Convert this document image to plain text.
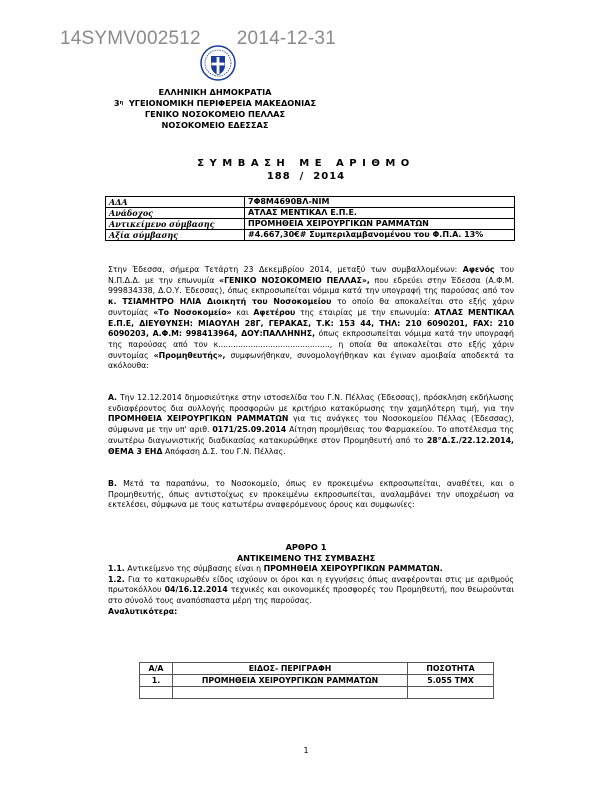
14SYMV002512 2014-12-31
ΕΛΛΗΝΙΚΗ ΔΗΜΟΚΡΑΤΙΑ
$3^\eta$ ΥΓΕΙΟΝΟΜΙΚΗ ΠΕΡΙΦΕΡΕΙΑ ΜΑΚΕΔΟΝΙΑΣ
ΓΕΝΙΚΟ ΝΟΣΟΚΟΜΕΙΟ ΠΕΛΛΑΣ
ΝΟΣΟΚΟΜΕΙΟ ΕΔΕΣΣΑΣ
ΣΥΜΒΑΣΗ ΜΕ ΑΡΙΘΜΟ
188  /  2014
ΑΔΑ	7Φ8Μ4690ΒΛ-ΝΙΜ
Ανάδοχος	ΑΤΛΑΣ ΜΕΝΤΙΚΑΛ Ε.Π.Ε.
Αντικείμενο σύμβασης	ΠΡΟΜΗΘΕΙΑ ΧΕΙΡΟΥΡΓΙΚΩΝ ΡΑΜΜΑΤΩΝ
Αξία σύμβασης	#4.667,30€# Συμπεριλαμβανομένου του Φ.Π.Α. 13%

Στην Έδεσσα, σήμερα Τετάρτη 23 Δεκεμβρίου 2014, μεταξύ των συμβαλλομένων: Αφενός του Ν.Π.Δ.Δ. με την επωνυμία «ΓΕΝΙΚΟ ΝΟΣΟΚΟΜΕΙΟ ΠΕΛΛΑΣ», που εδρεύει στην Έδεσσα (Α.Φ.Μ. 999834338, Δ.Ο.Υ. Έδεσσας), όπως εκπροσωπείται νόμιμα κατά την υπογραφή της παρούσας από τον κ. ΤΣΙΑΜΗΤΡΟ ΗΛΙΑ Διοικητή του Νοσοκομείου το οποίο θα αποκαλείται στο εξής χάριν συντομίας «Το Νοσοκομείο» και Αφετέρου της εταιρίας με την επωνυμία: ΑΤΛΑΣ ΜΕΝΤΙΚΑΛ Ε.Π.Ε, ΔΙΕΥΘΥΝΣΗ: ΜΙΑΟΥΛΗ 28Γ, ΓΕΡΑΚΑΣ, Τ.Κ: 153 44, ΤΗΛ: 210 6090201, FAX: 210 6090203, Α.Φ.Μ: 998413964, ΔΟΥ:ΠΑΛΛΗΝΗΣ, όπως εκπροσωπείται νόμιμα κατά την υπογραφή της παρούσας από τον κ............................................., η οποία θα αποκαλείται στο εξής χάριν συντομίας «Προμηθευτής», συμφωνήθηκαν, συνομολογήθηκαν και έγιναν αμοιβαία αποδεκτά τα ακόλουθα:

Α. Την 12.12.2014 δημοσιεύτηκε στην ιστοσελίδα του Γ.Ν. Πέλλας (Έδεσσας), πρόσκληση εκδήλωσης ενδιαφέροντος δια συλλογής προσφορών με κριτήριο κατακύρωσης την χαμηλότερη τιμή, για την ΠΡΟΜΗΘΕΙΑ ΧΕΙΡΟΥΡΓΙΚΩΝ ΡΑΜΜΑΤΩΝ για τις ανάγκες του Νοσοκομείου Πέλλας (Έδεσσας), σύμφωνα με την υπ' αριθ. 0171/25.09.2014 Αίτηση προμήθειας του Φαρμακείου. Το αποτέλεσμα της ανωτέρω διαγωνιστικής διαδικασίας κατακυρώθηκε στον Προμηθευτή από το 28°Δ.Σ./22.12.2014, ΘΕΜΑ 3 ΕΗΔ Απόφαση Δ.Σ. του Γ.Ν. Πέλλας.

Β. Μετά τα παραπάνω, το Νοσοκομείο, όπως εν προκειμένω εκπροσωπείται, αναθέτει, και ο Προμηθευτής, όπως αντιστοίχως εν προκειμένω εκπροσωπείται, αναλαμβάνει την υποχρέωση να εκτελέσει, σύμφωνα με τους κατωτέρω αναφερόμενους όρους και συμφωνίες:

ΑΡΘΡΟ 1
ΑΝΤΙΚΕΙΜΕΝΟ ΤΗΣ ΣΥΜΒΑΣΗΣ

1.1. Αντικείμενο της σύμβασης είναι η ΠΡΟΜΗΘΕΙΑ ΧΕΙΡΟΥΡΓΙΚΩΝ ΡΑΜΜΑΤΩΝ.

1.2. Για το κατακυρωθέν είδος ισχύουν οι όροι και η εγγυήσεις όπως αναφέρονται στις με αριθμούς πρωτοκόλλου 04/16.12.2014 τεχνικές και οικονομικές προσφορές του Προμηθευτή, που θεωρούνται στο σύνολό τους αναπόσπαστα μέρη της παρούσας.

Αναλυτικότερα:

Α/Α	ΕΙΔΟΣ- ΠΕΡΙΓΡΑΦΗ	ΠΟΣΟΤΗΤΑ
1.	ΠΡΟΜΗΘΕΙΑ ΧΕΙΡΟΥΡΓΙΚΩΝ ΡΑΜΜΑΤΩΝ	5.055 ΤΜΧ

1
